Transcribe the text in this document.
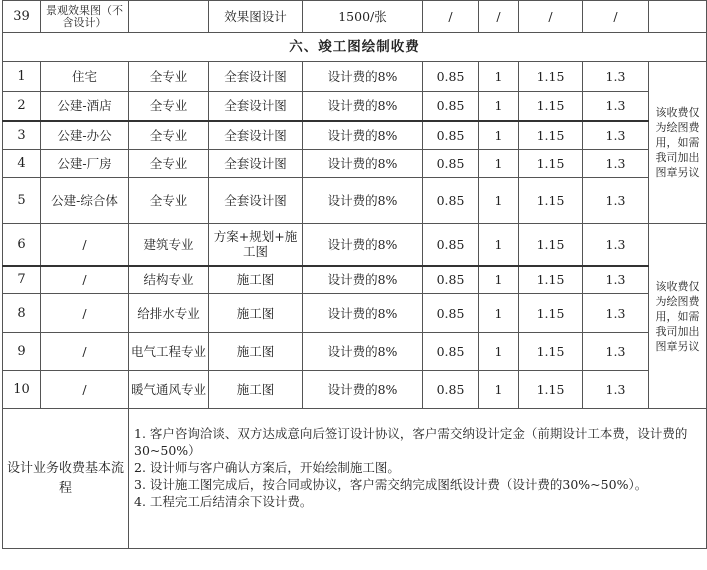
39	景观效果图（不含设计）		效果图设计	1500/张	/	/	/	/	
六、竣工图绘制收费									
1	住宅	全专业	全套设计图	设计费的8%	0.85	1	1.15	1.3	该收费仅为绘图费用，如需我司加出图章另议
2	公建-酒店	全专业	全套设计图	设计费的8%	0.85	1	1.15	1.3	
3	公建-办公	全专业	全套设计图	设计费的8%	0.85	1	1.15	1.3	
4	公建-厂房	全专业	全套设计图	设计费的8%	0.85	1	1.15	1.3	
5	公建-综合体	全专业	全套设计图	设计费的8%	0.85	1	1.15	1.3	
6	/	建筑专业	方案+规划+施工图	设计费的8%	0.85	1	1.15	1.3	该收费仅为绘图费用，如需我司加出图章另议
7	/	结构专业	施工图	设计费的8%	0.85	1	1.15	1.3	
8	/	给排水专业	施工图	设计费的8%	0.85	1	1.15	1.3	
9	/	电气工程专业	施工图	设计费的8%	0.85	1	1.15	1.3	
10	/	暖气通风专业	施工图	设计费的8%	0.85	1	1.15	1.3	
设计业务收费基本流程		1. 客户咨询洽谈、双方达成意向后签订设计协议，客户需交纳设计定金（前期设计工本费，设计费的30~50%）
2. 设计师与客户确认方案后，开始绘制施工图。
3. 设计施工图完成后，按合同或协议，客户需交纳完成图纸设计费（设计费的30%~50%）。
4. 工程完工后结清余下设计费。							
